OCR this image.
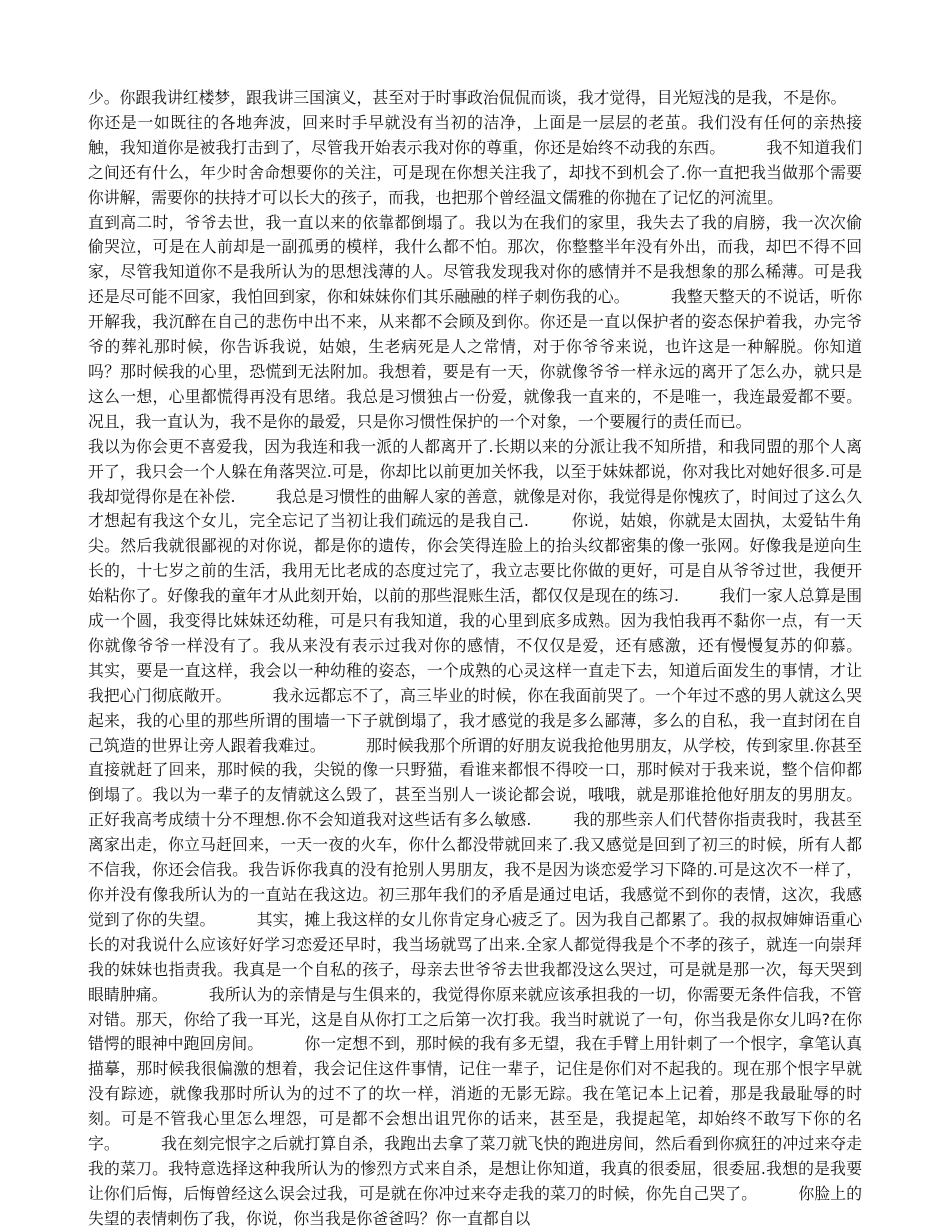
少。你跟我讲红楼梦，跟我讲三国演义，甚至对于时事政治侃侃而谈，我才觉得，目光短浅的是我，不是你。

你还是一如既往的各地奔波，回来时手早就没有当初的洁净，上面是一层层的老茧。我们没有任何的亲热接触，我知道你是被我打击到了，尽管我开始表示我对你的尊重，你还是始终不动我的东西。        我不知道我们之间还有什么，年少时舍命想要你的关注，可是现在你想关注我了，却找不到机会了.你一直把我当做那个需要你讲解，需要你的扶持才可以长大的孩子，而我，也把那个曾经温文儒雅的你抛在了记忆的河流里。

直到高二时，爷爷去世，我一直以来的依靠都倒塌了。我以为在我们的家里，我失去了我的肩膀，我一次次偷偷哭泣，可是在人前却是一副孤勇的模样，我什么都不怕。那次，你整整半年没有外出，而我，却巴不得不回家，尽管我知道你不是我所认为的思想浅薄的人。尽管我发现我对你的感情并不是我想象的那么稀薄。可是我还是尽可能不回家，我怕回到家，你和妹妹你们其乐融融的样子刺伤我的心。        我整天整天的不说话，听你开解我，我沉醉在自己的悲伤中出不来，从来都不会顾及到你。你还是一直以保护者的姿态保护着我，办完爷爷的葬礼那时候，你告诉我说，姑娘，生老病死是人之常情，对于你爷爷来说，也许这是一种解脱。你知道吗？那时候我的心里，恐慌到无法附加。我想着，要是有一天，你就像爷爷一样永远的离开了怎么办，就只是这么一想，心里都慌得再没有思绪。我总是习惯独占一份爱，就像我一直来的，不是唯一，我连最爱都不要。况且，我一直认为，我不是你的最爱，只是你习惯性保护的一个对象，一个要履行的责任而已。

我以为你会更不喜爱我，因为我连和我一派的人都离开了.长期以来的分派让我不知所措，和我同盟的那个人离开了，我只会一个人躲在角落哭泣.可是，你却比以前更加关怀我，以至于妹妹都说，你对我比对她好很多.可是我却觉得你是在补偿.        我总是习惯性的曲解人家的善意，就像是对你，我觉得是你愧疚了，时间过了这么久才想起有我这个女儿，完全忘记了当初让我们疏远的是我自己.        你说，姑娘，你就是太固执，太爱钻牛角尖。然后我就很鄙视的对你说，都是你的遗传，你会笑得连脸上的抬头纹都密集的像一张网。好像我是逆向生长的，十七岁之前的生活，我用无比老成的态度过完了，我立志要比你做的更好，可是自从爷爷过世，我便开始粘你了。好像我的童年才从此刻开始，以前的那些混账生活，都仅仅是现在的练习.        我们一家人总算是围成一个圆，我变得比妹妹还幼稚，可是只有我知道，我的心里到底多成熟。因为我怕我再不黏你一点，有一天你就像爷爷一样没有了。我从来没有表示过我对你的感情，不仅仅是爱，还有感激，还有慢慢复苏的仰慕。        其实，要是一直这样，我会以一种幼稚的姿态，一个成熟的心灵这样一直走下去，知道后面发生的事情，才让我把心门彻底敞开。        我永远都忘不了，高三毕业的时候，你在我面前哭了。一个年过不惑的男人就这么哭起来，我的心里的那些所谓的围墙一下子就倒塌了，我才感觉的我是多么鄙薄，多么的自私，我一直封闭在自己筑造的世界让旁人跟着我难过。        那时候我那个所谓的好朋友说我抢他男朋友，从学校，传到家里.你甚至直接就赶了回来，那时候的我，尖锐的像一只野猫，看谁来都恨不得咬一口，那时候对于我来说，整个信仰都倒塌了。我以为一辈子的友情就这么毁了，甚至当别人一谈论都会说，哦哦，就是那谁抢他好朋友的男朋友。正好我高考成绩十分不理想.你不会知道我对这些话有多么敏感.        我的那些亲人们代替你指责我时，我甚至离家出走，你立马赶回来，一天一夜的火车，你什么都没带就回来了.我又感觉是回到了初三的时候，所有人都不信我，你还会信我。我告诉你我真的没有抢别人男朋友，我不是因为谈恋爱学习下降的.可是这次不一样了，你并没有像我所认为的一直站在我这边。初三那年我们的矛盾是通过电话，我感觉不到你的表情，这次，我感觉到了你的失望。        其实，摊上我这样的女儿你肯定身心疲乏了。因为我自己都累了。我的叔叔婶婶语重心长的对我说什么应该好好学习恋爱还早时，我当场就骂了出来.全家人都觉得我是个不孝的孩子，就连一向崇拜我的妹妹也指责我。我真是一个自私的孩子，母亲去世爷爷去世我都没这么哭过，可是就是那一次，每天哭到眼睛肿痛。        我所认为的亲情是与生俱来的，我觉得你原来就应该承担我的一切，你需要无条件信我，不管对错。那天，你给了我一耳光，这是自从你打工之后第一次打我。我当时就说了一句，你当我是你女儿吗?在你错愕的眼神中跑回房间。        你一定想不到，那时候的我有多无望，我在手臂上用针刺了一个恨字，拿笔认真描摹，那时候我很偏激的想着，我会记住这件事情，记住一辈子，记住是你们对不起我的。现在那个恨字早就没有踪迹，就像我那时所认为的过不了的坎一样，消逝的无影无踪。我在笔记本上记着，那是我最耻辱的时刻。可是不管我心里怎么埋怨，可是都不会想出诅咒你的话来，甚至是，我提起笔，却始终不敢写下你的名字。        我在刻完恨字之后就打算自杀，我跑出去拿了菜刀就飞快的跑进房间，然后看到你疯狂的冲过来夺走我的菜刀。我特意选择这种我所认为的惨烈方式来自杀，是想让你知道，我真的很委屈，很委屈.我想的是我要让你们后悔，后悔曾经这么误会过我，可是就在你冲过来夺走我的菜刀的时候，你先自己哭了。        你脸上的失望的表情刺伤了我，你说，你当我是你爸爸吗？你一直都自以
